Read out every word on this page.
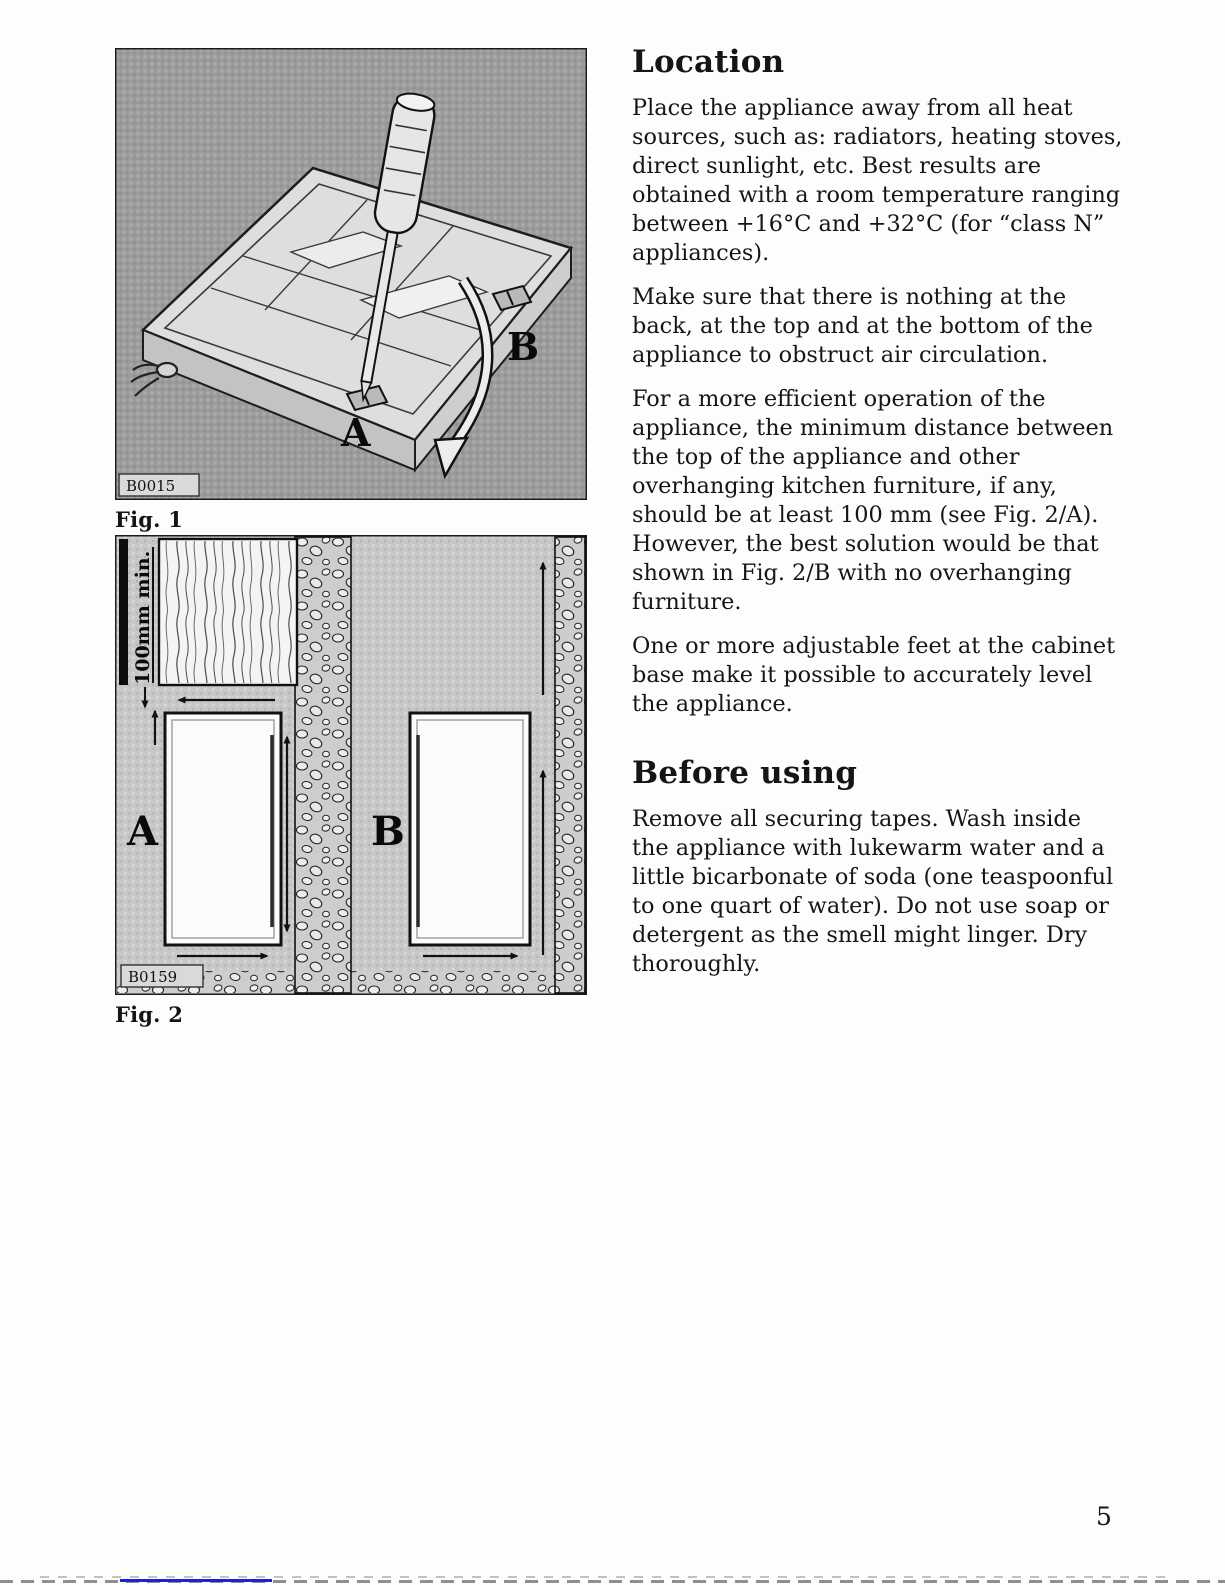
B
A
B0015
Fig. 1
100mm min.
A	B
B0159
Fig. 2
Location

Place the appliance away from all heat sources, such as: radiators, heating stoves, direct sunlight, etc. Best results are obtained with a room temperature ranging between +16°C and +32°C (for “class N” appliances).

Make sure that there is nothing at the back, at the top and at the bottom of the appliance to obstruct air circulation.

For a more efficient operation of the appliance, the minimum distance between the top of the appliance and other overhanging kitchen furniture, if any, should be at least 100 mm (see Fig. 2/A).

However, the best solution would be that shown in Fig. 2/B with no overhanging furniture.

One or more adjustable feet at the cabinet base make it possible to accurately level the appliance.

Before using

Remove all securing tapes. Wash inside the appliance with lukewarm water and a little bicarbonate of soda (one teaspoonful to one quart of water). Do not use soap or detergent as the smell might linger. Dry thoroughly.

5
